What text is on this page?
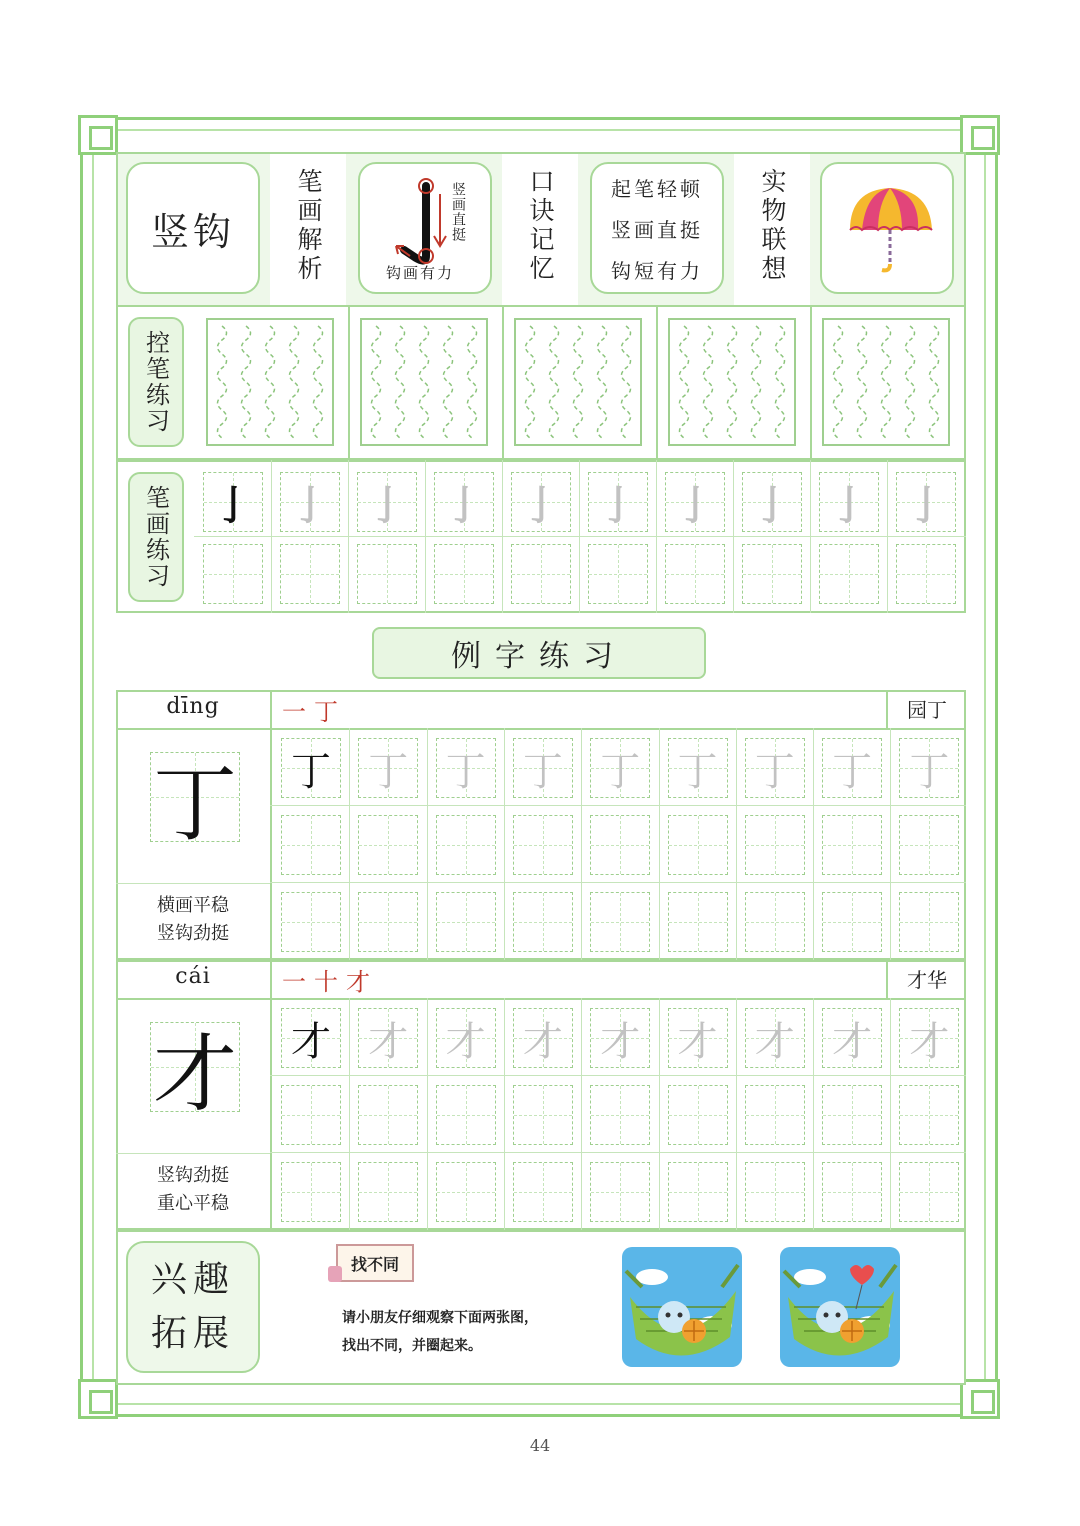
竖钩 笔画解析	竖画直挺
钩画有力	口诀记忆	起笔轻顿
竖画直挺
钩短有力 实物联想
控笔练习
笔画练习 亅 亅 亅 亅 亅 亅 亅 亅 亅 亅
例字练习
dīng	一丁	园丁
丁
横画平稳
竖钩劲挺
丁 丁 丁 丁 丁 丁 丁 丁 丁
cái	一十才	才华
才
竖钩劲挺
重心平稳
才 才 才 才 才 才 才 才 才
兴趣拓展
找不同
请小朋友仔细观察下面两张图，
找出不同，并圈起来。
44
